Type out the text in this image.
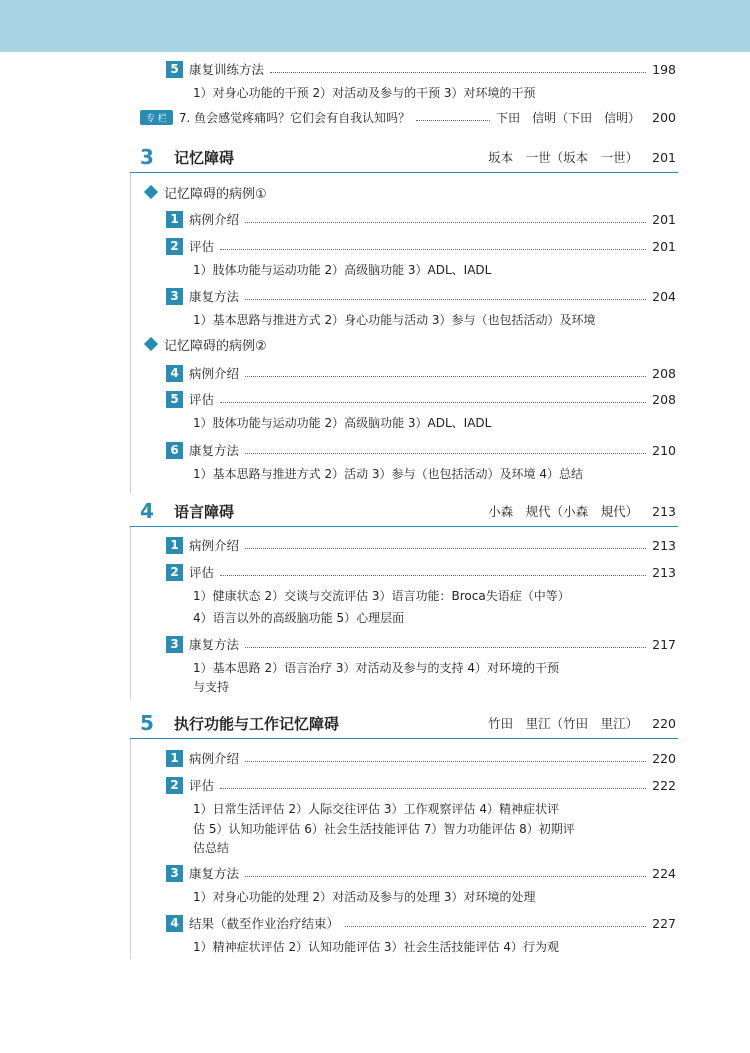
5 康复训练方法	198
1）对身心功能的干预 2）对活动及参与的干预 3）对环境的干预
专 栏	7. 鱼会感觉疼痛吗？它们会有自我认知吗？	下田　信明（下田　信明） 200
3	记忆障碍	坂本　一世（坂本　一世） 201
记忆障碍的病例①
1 病例介绍	201
2 评估	201
1）肢体功能与运动功能 2）高级脑功能 3）ADL、IADL
3 康复方法	204
1）基本思路与推进方式 2）身心功能与活动 3）参与（也包括活动）及环境
记忆障碍的病例②
4 病例介绍	208
5 评估	208
1）肢体功能与运动功能 2）高级脑功能 3）ADL、IADL
6 康复方法	210
1）基本思路与推进方式 2）活动 3）参与（也包括活动）及环境 4）总结
4	语言障碍	小森　规代（小森　規代） 213
1 病例介绍	213
2 评估	213
1）健康状态 2）交谈与交流评估 3）语言功能：Broca失语症（中等）
4）语言以外的高级脑功能 5）心理层面
3 康复方法	217
1）基本思路 2）语言治疗 3）对活动及参与的支持 4）对环境的干预
与支持
5	执行功能与工作记忆障碍	竹田　里江（竹田　里江） 220
1 病例介绍	220
2 评估	222
1）日常生活评估 2）人际交往评估 3）工作观察评估 4）精神症状评
估 5）认知功能评估 6）社会生活技能评估 7）智力功能评估 8）初期评
估总结
3 康复方法	224
1）对身心功能的处理 2）对活动及参与的处理 3）对环境的处理
4 结果（截至作业治疗结束）	227
1）精神症状评估 2）认知功能评估 3）社会生活技能评估 4）行为观
